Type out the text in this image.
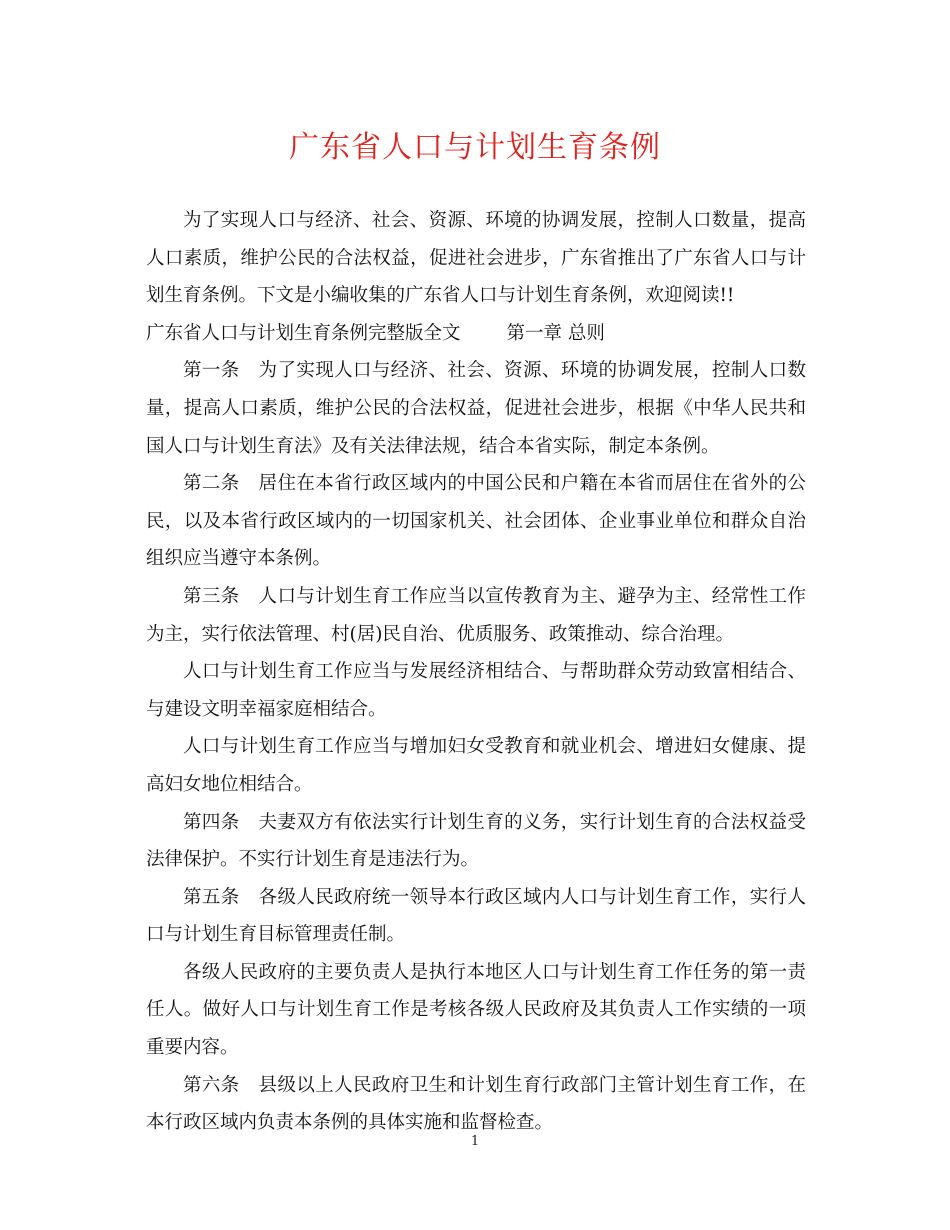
广东省人口与计划生育条例

为了实现人口与经济、社会、资源、环境的协调发展，控制人口数量，提高人口素质，维护公民的合法权益，促进社会进步，广东省推出了广东省人口与计划生育条例。下文是小编收集的广东省人口与计划生育条例，欢迎阅读!!

广东省人口与计划生育条例完整版全文 第一章 总则

第一条　为了实现人口与经济、社会、资源、环境的协调发展，控制人口数量，提高人口素质，维护公民的合法权益，促进社会进步，根据《中华人民共和国人口与计划生育法》及有关法律法规，结合本省实际，制定本条例。

第二条　居住在本省行政区域内的中国公民和户籍在本省而居住在省外的公民，以及本省行政区域内的一切国家机关、社会团体、企业事业单位和群众自治组织应当遵守本条例。

第三条　人口与计划生育工作应当以宣传教育为主、避孕为主、经常性工作为主，实行依法管理、村(居)民自治、优质服务、政策推动、综合治理。

人口与计划生育工作应当与发展经济相结合、与帮助群众劳动致富相结合、与建设文明幸福家庭相结合。

人口与计划生育工作应当与增加妇女受教育和就业机会、增进妇女健康、提高妇女地位相结合。

第四条　夫妻双方有依法实行计划生育的义务，实行计划生育的合法权益受法律保护。不实行计划生育是违法行为。

第五条　各级人民政府统一领导本行政区域内人口与计划生育工作，实行人口与计划生育目标管理责任制。

各级人民政府的主要负责人是执行本地区人口与计划生育工作任务的第一责任人。做好人口与计划生育工作是考核各级人民政府及其负责人工作实绩的一项重要内容。

第六条　县级以上人民政府卫生和计划生育行政部门主管计划生育工作，在本行政区域内负责本条例的具体实施和监督检查。

1
